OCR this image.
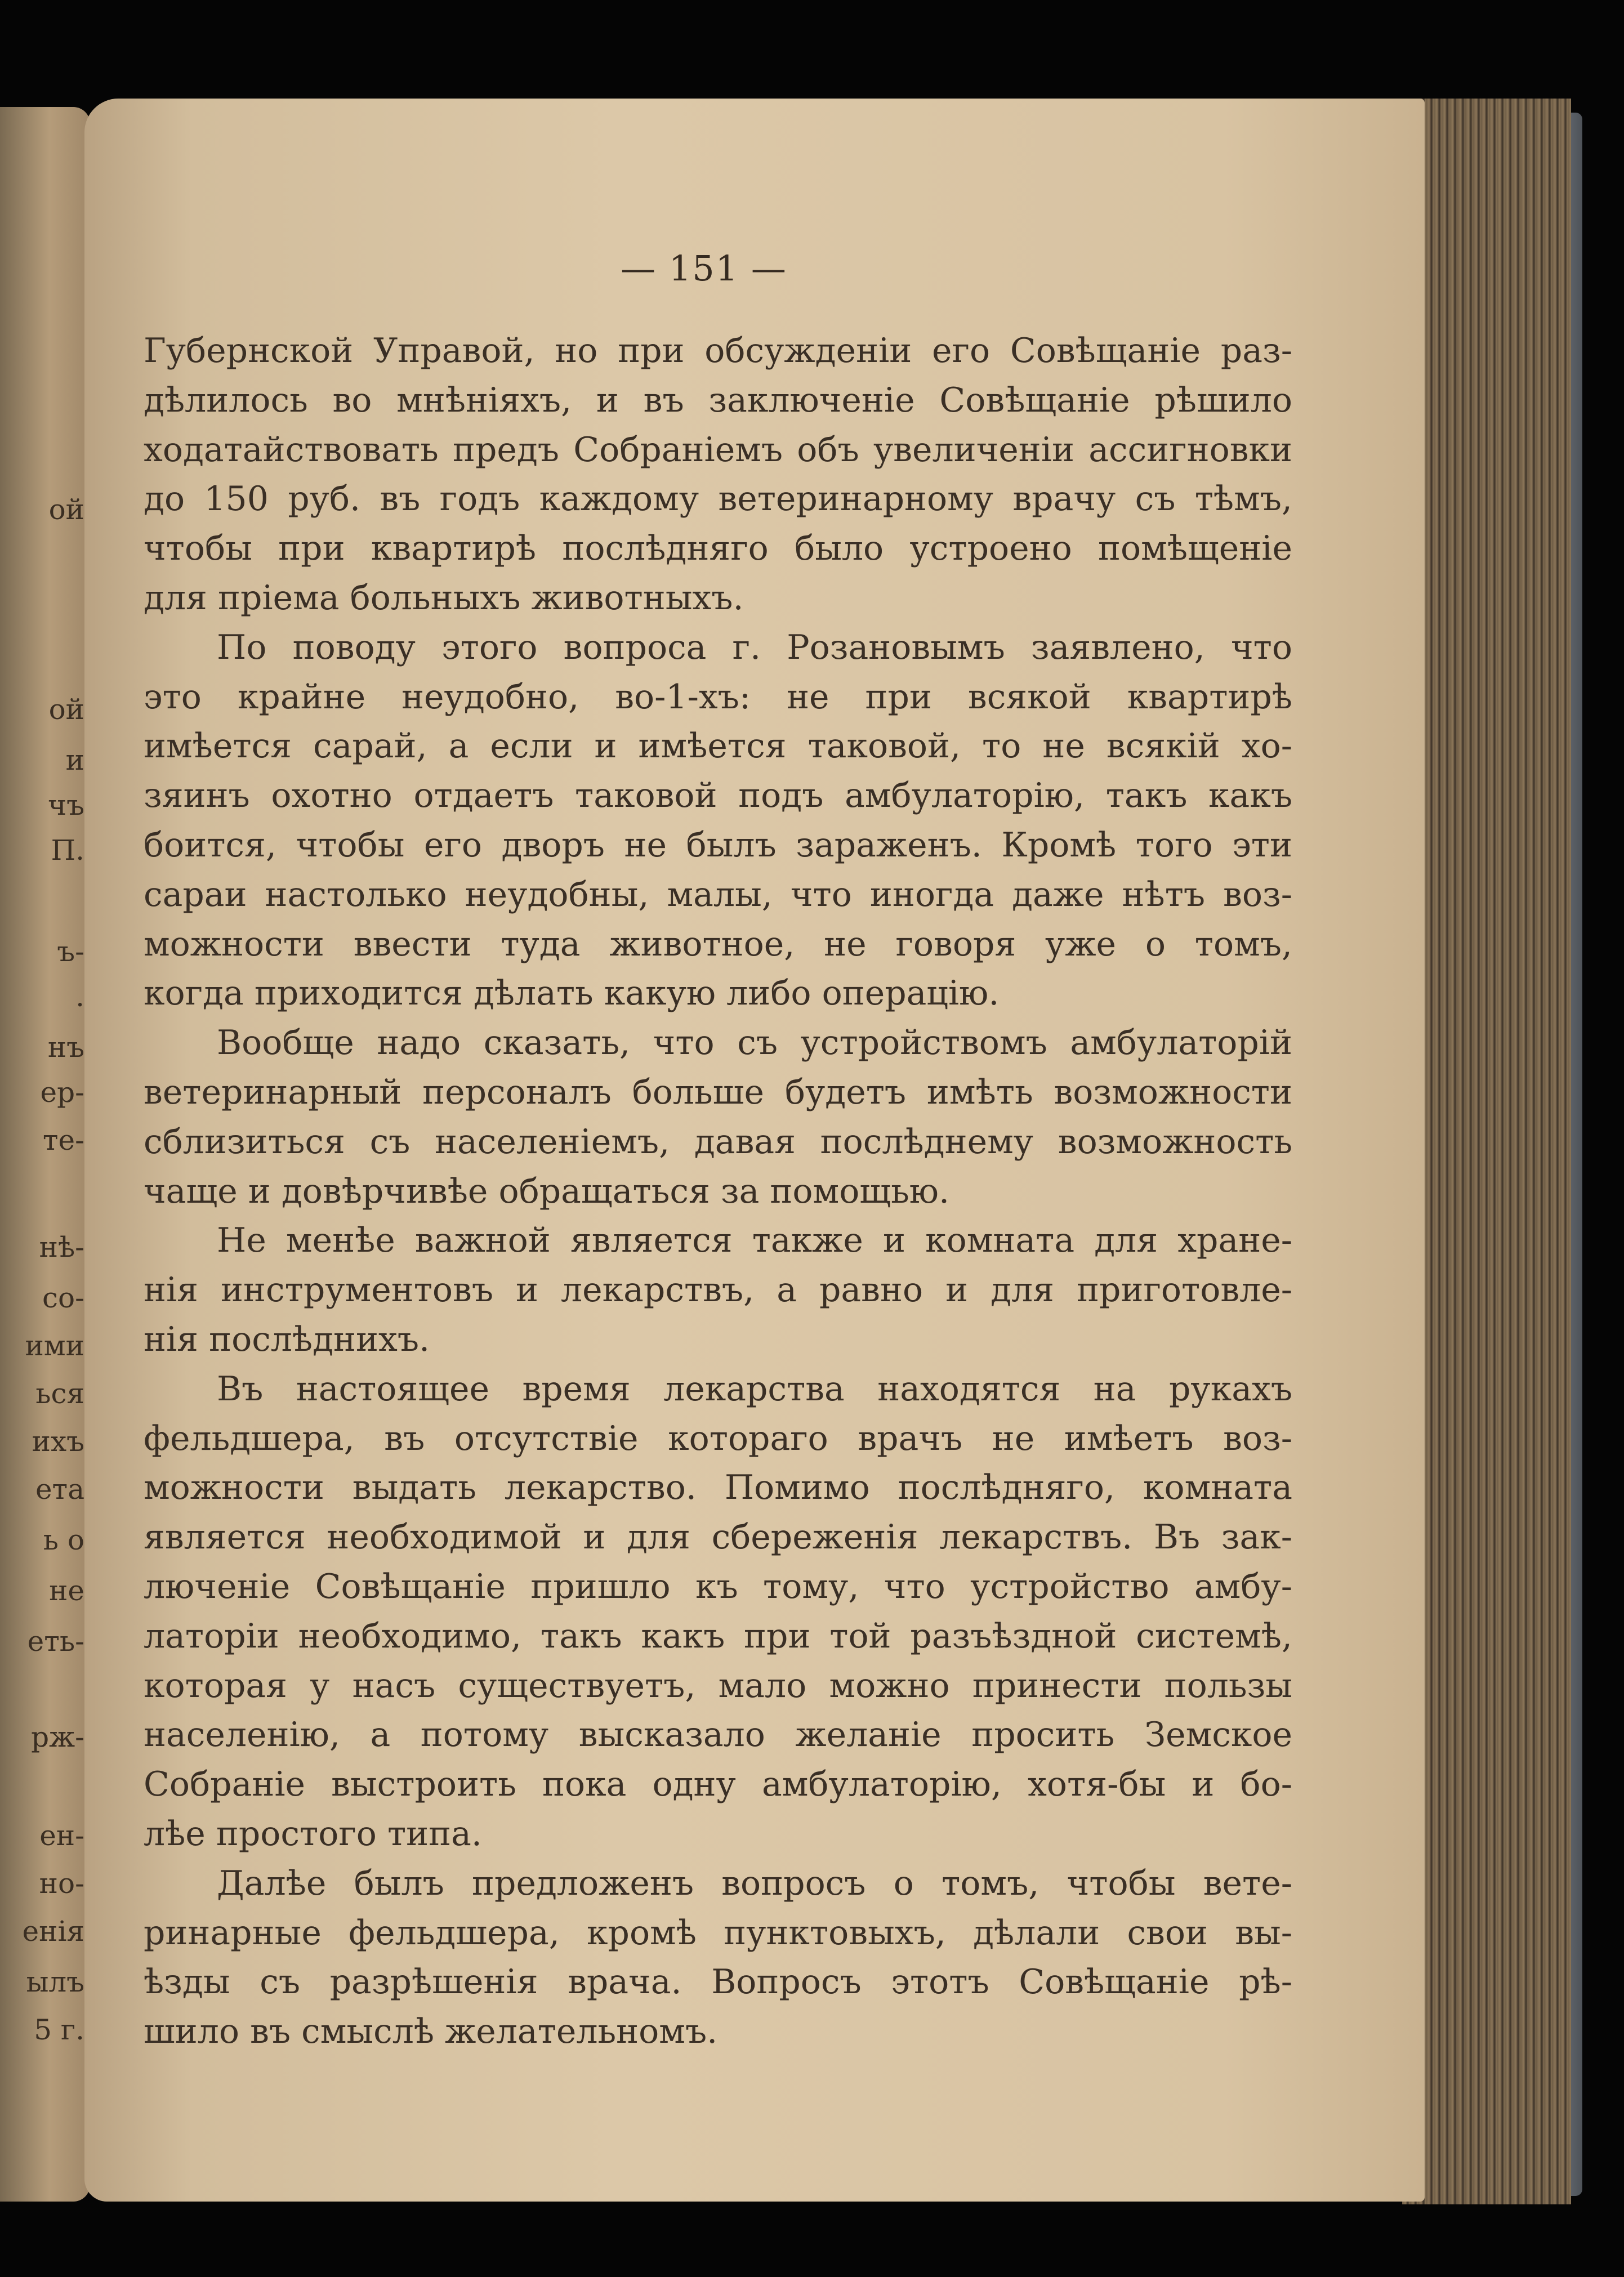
ой
ой
и
чъ
П.
ъ-
.
нъ
ер-
те-
нѣ-
со-
ими
ься
ихъ
ета
ь о
не
еть-
рж-
ен-
но-
енія
ылъ
5 г.
— 151 —
Губернской Управой, но при обсужденіи его Совѣщаніе раз-
дѣлилось во мнѣніяхъ, и въ заключеніе Совѣщаніе рѣшило
ходатайствовать предъ Собраніемъ объ увеличеніи ассигновки
до 150 руб. въ годъ каждому ветеринарному врачу съ тѣмъ,
чтобы при квартирѣ послѣдняго было устроено помѣщеніе
для пріема больныхъ животныхъ.
По поводу этого вопроса г. Розановымъ заявлено, что
это крайне неудобно, во-1-хъ: не при всякой квартирѣ
имѣется сарай, а если и имѣется таковой, то не всякій хо-
зяинъ охотно отдаетъ таковой подъ амбулаторію, такъ какъ
боится, чтобы его дворъ не былъ зараженъ. Кромѣ того эти
сараи настолько неудобны, малы, что иногда даже нѣтъ воз-
можности ввести туда животное, не говоря уже о томъ,
когда приходится дѣлать какую либо операцію.
Вообще надо сказать, что съ устройствомъ амбулаторій
ветеринарный персоналъ больше будетъ имѣть возможности
сблизиться съ населеніемъ, давая послѣднему возможность
чаще и довѣрчивѣе обращаться за помощью.
Не менѣе важной является также и комната для хране-
нія инструментовъ и лекарствъ, а равно и для приготовле-
нія послѣднихъ.
Въ настоящее время лекарства находятся на рукахъ
фельдшера, въ отсутствіе котораго врачъ не имѣетъ воз-
можности выдать лекарство. Помимо послѣдняго, комната
является необходимой и для сбереженія лекарствъ. Въ зак-
люченіе Совѣщаніе пришло къ тому, что устройство амбу-
латоріи необходимо, такъ какъ при той разъѣздной системѣ,
которая у насъ существуетъ, мало можно принести пользы
населенію, а потому высказало желаніе просить Земское
Собраніе выстроить пока одну амбулаторію, хотя-бы и бо-
лѣе простого типа.
Далѣе былъ предложенъ вопросъ о томъ, чтобы вете-
ринарные фельдшера, кромѣ пунктовыхъ, дѣлали свои вы-
ѣзды съ разрѣшенія врача. Вопросъ этотъ Совѣщаніе рѣ-
шило въ смыслѣ желательномъ.
